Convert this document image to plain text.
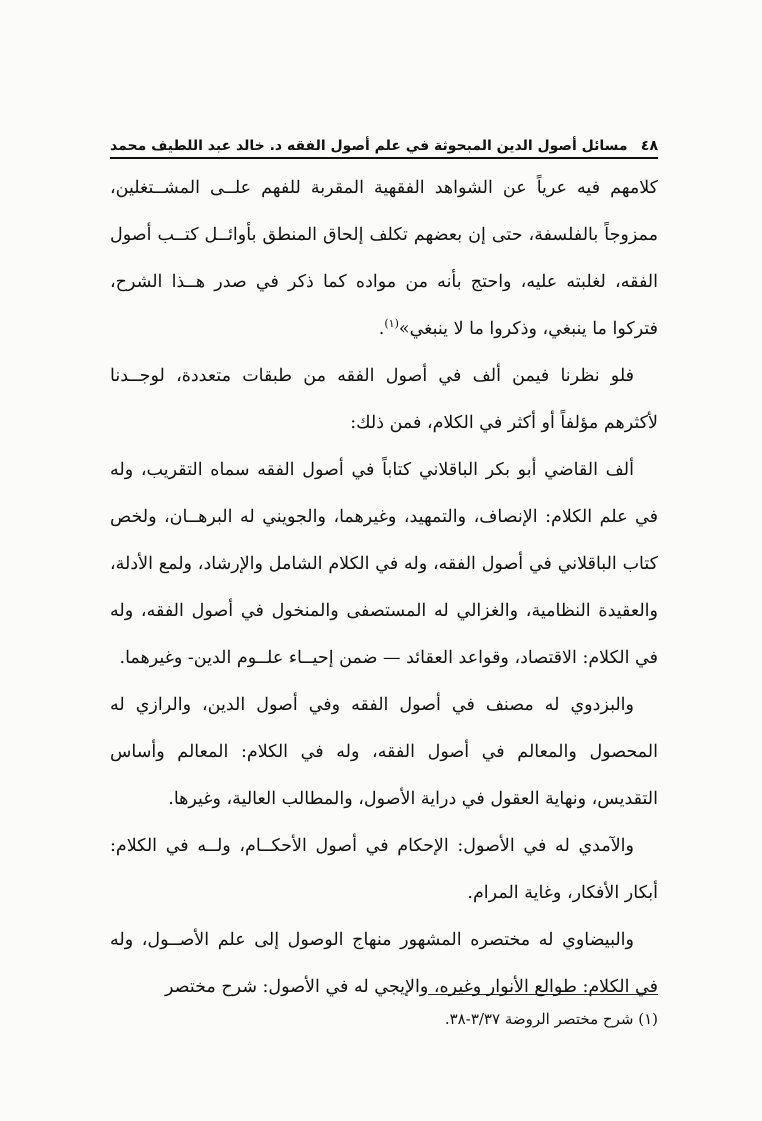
٤٨
مسائل أصول الدين المبحوثة في علم أصول الفقه د. خالد عبد اللطيف محمد

كلامهم فيه عرياً عن الشواهد الفقهية المقربة للفهم علــى المشــتغلين، ممزوجاً بالفلسفة، حتى إن بعضهم تكلف إلحاق المنطق بأوائــل كتــب أصول الفقه، لغلبته عليه، واحتج بأنه من مواده كما ذكر في صدر هــذا الشرح، فتركوا ما ينبغي، وذكروا ما لا ينبغي»$^{(١)}$.

فلو نظرنا فيمن ألف في أصول الفقه من طبقات متعددة، لوجــدنا لأكثرهم مؤلفاً أو أكثر في الكلام، فمن ذلك:

ألف القاضي أبو بكر الباقلاني كتاباً في أصول الفقه سماه التقريب، وله في علم الكلام: الإنصاف، والتمهيد، وغيرهما، والجويني له البرهــان، ولخص كتاب الباقلاني في أصول الفقه، وله في الكلام الشامل والإرشاد، ولمع الأدلة، والعقيدة النظامية، والغزالي له المستصفى والمنخول في أصول الفقه، وله في الكلام: الاقتصاد، وقواعد العقائد — ضمن إحيــاء علــوم الدين- وغيرهما.

والبزدوي له مصنف في أصول الفقه وفي أصول الدين، والرازي له المحصول والمعالم في أصول الفقه، وله في الكلام: المعالم وأساس التقديس، ونهاية العقول في دراية الأصول، والمطالب العالية، وغيرها.

والآمدي له في الأصول: الإحكام في أصول الأحكــام، ولــه في الكلام: أبكار الأفكار، وغاية المرام.

والبيضاوي له مختصره المشهور منهاج الوصول إلى علم الأصــول، وله في الكلام: طوالع الأنوار وغيره، والإيجي له في الأصول: شرح مختصر

(١) شرح مختصر الروضة ٣/٣٧-٣٨.
